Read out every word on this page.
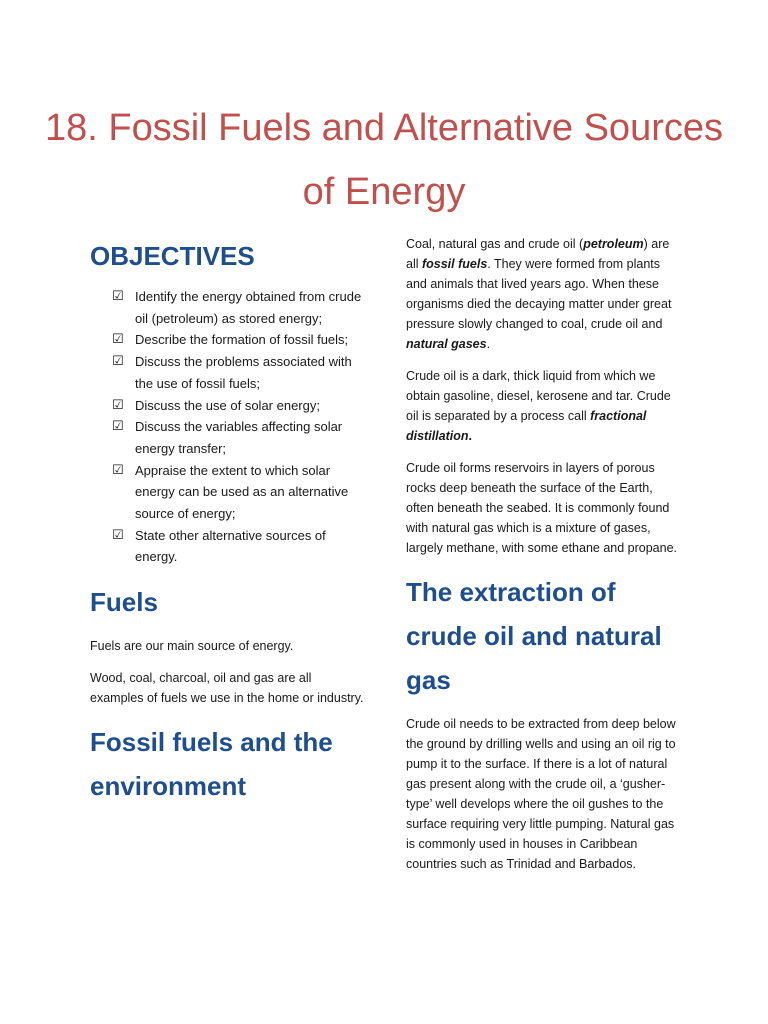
18. Fossil Fuels and Alternative Sources of Energy
OBJECTIVES
☑ Identify the energy obtained from crude oil (petroleum) as stored energy;
☑ Describe the formation of fossil fuels;
☑ Discuss the problems associated with the use of fossil fuels;
☑ Discuss the use of solar energy;
☑ Discuss the variables affecting solar energy transfer;
☑ Appraise the extent to which solar energy can be used as an alternative source of energy;
☑ State other alternative sources of energy.
Fuels

Fuels are our main source of energy.

Wood, coal, charcoal, oil and gas are all examples of fuels we use in the home or industry.

Fossil fuels and the environment

Coal, natural gas and crude oil (petroleum) are all fossil fuels. They were formed from plants and animals that lived years ago. When these organisms died the decaying matter under great pressure slowly changed to coal, crude oil and natural gases.

Crude oil is a dark, thick liquid from which we obtain gasoline, diesel, kerosene and tar. Crude oil is separated by a process call fractional distillation.

Crude oil forms reservoirs in layers of porous rocks deep beneath the surface of the Earth, often beneath the seabed. It is commonly found with natural gas which is a mixture of gases, largely methane, with some ethane and propane.

The extraction of crude oil and natural gas

Crude oil needs to be extracted from deep below the ground by drilling wells and using an oil rig to pump it to the surface. If there is a lot of natural gas present along with the crude oil, a ‘gusher-type’ well develops where the oil gushes to the surface requiring very little pumping. Natural gas is commonly used in houses in Caribbean countries such as Trinidad and Barbados.
